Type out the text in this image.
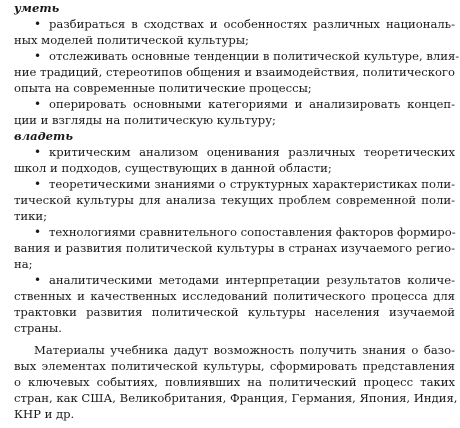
уметь
• разбираться в сходствах и особенностях различных националь-
ных моделей политической культуры;
• отслеживать основные тенденции в политической культуре, влия-
ние традиций, стереотипов общения и взаимодействия, политического
опыта на современные политические процессы;
• оперировать основными категориями и анализировать концеп-
ции и взгляды на политическую культуру;
владеть
• критическим анализом оценивания различных теоретических
школ и подходов, существующих в данной области;
• теоретическими знаниями о структурных характеристиках поли-
тической культуры для анализа текущих проблем современной поли-
тики;
• технологиями сравнительного сопоставления факторов формиро-
вания и развития политической культуры в странах изучаемого регио-
на;
• аналитическими методами интерпретации результатов количе-
ственных и качественных исследований политического процесса для
трактовки развития политической культуры населения изучаемой
страны.
Материалы учебника дадут возможность получить знания о базо-
вых элементах политической культуры, сформировать представления
о ключевых событиях, повлиявших на политический процесс таких
стран, как США, Великобритания, Франция, Германия, Япония, Индия,
КНР и др.
